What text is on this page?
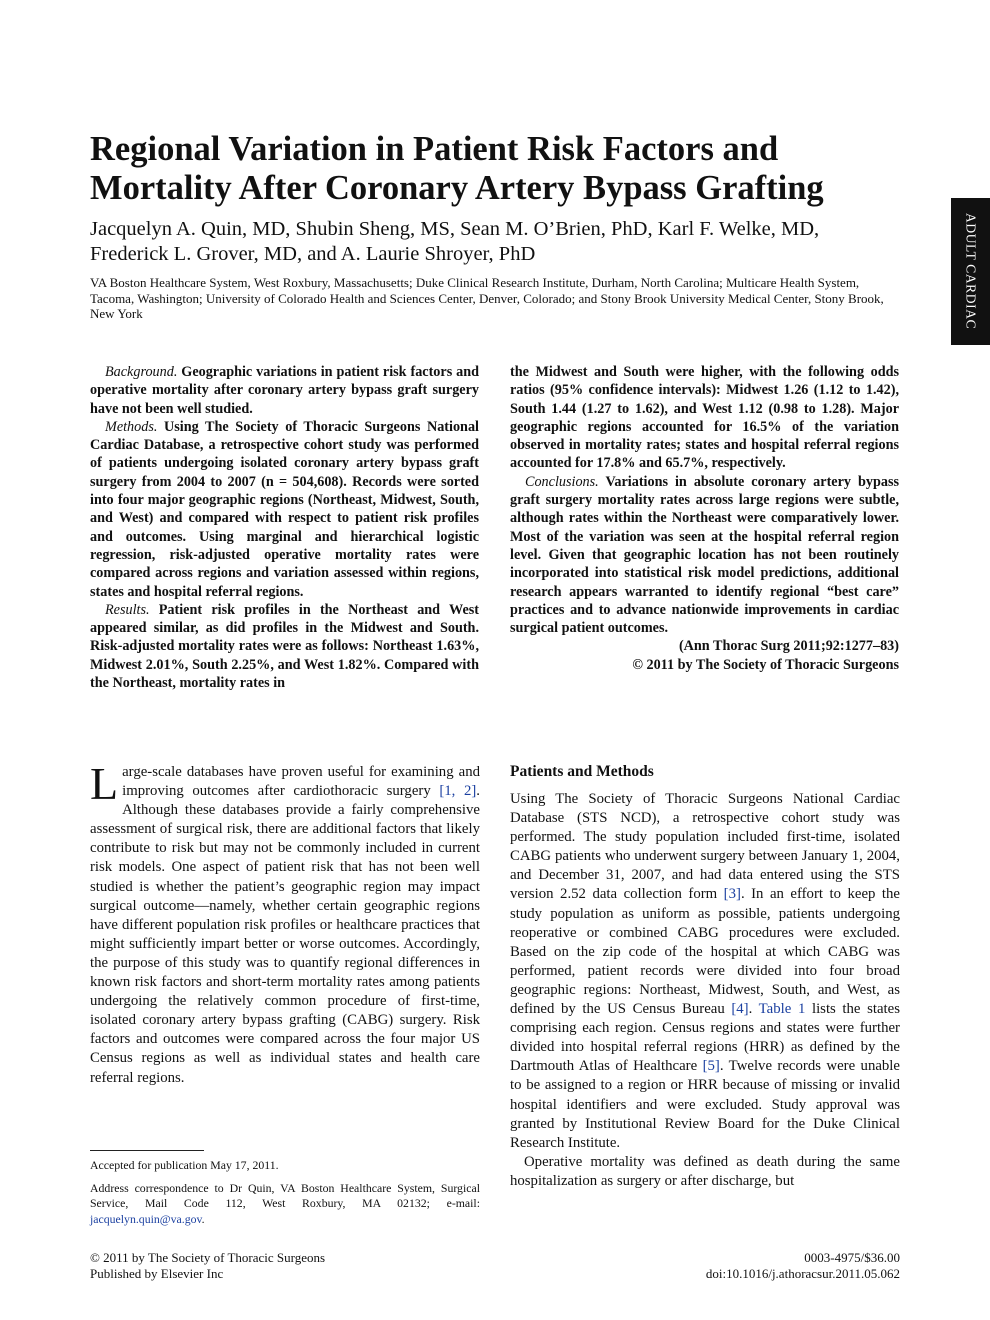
Regional Variation in Patient Risk Factors and Mortality After Coronary Artery Bypass Grafting
Jacquelyn A. Quin, MD, Shubin Sheng, MS, Sean M. O’Brien, PhD, Karl F. Welke, MD,
Frederick L. Grover, MD, and A. Laurie Shroyer, PhD
VA Boston Healthcare System, West Roxbury, Massachusetts; Duke Clinical Research Institute, Durham, North Carolina; Multicare Health System, Tacoma, Washington; University of Colorado Health and Sciences Center, Denver, Colorado; and Stony Brook University Medical Center, Stony Brook, New York	ADULT CARDIAC

Background. Geographic variations in patient risk factors and operative mortality after coronary artery bypass graft surgery have not been well studied.

Methods. Using The Society of Thoracic Surgeons National Cardiac Database, a retrospective cohort study was performed of patients undergoing isolated coronary artery bypass graft surgery from 2004 to 2007 (n = 504,608). Records were sorted into four major geographic regions (Northeast, Midwest, South, and West) and compared with respect to patient risk profiles and outcomes. Using marginal and hierarchical logistic regression, risk-adjusted operative mortality rates were compared across regions and variation assessed within regions, states and hospital referral regions.

Results. Patient risk profiles in the Northeast and West appeared similar, as did profiles in the Midwest and South. Risk-adjusted mortality rates were as follows: Northeast 1.63%, Midwest 2.01%, South 2.25%, and West 1.82%. Compared with the Northeast, mortality rates in

the Midwest and South were higher, with the following odds ratios (95% confidence intervals): Midwest 1.26 (1.12 to 1.42), South 1.44 (1.27 to 1.62), and West 1.12 (0.98 to 1.28). Major geographic regions accounted for 16.5% of the variation observed in mortality rates; states and hospital referral regions accounted for 17.8% and 65.7%, respectively.

Conclusions. Variations in absolute coronary artery bypass graft surgery mortality rates across large regions were subtle, although rates within the Northeast were comparatively lower. Most of the variation was seen at the hospital referral region level. Given that geographic location has not been routinely incorporated into statistical risk model predictions, additional research appears warranted to identify regional “best care” practices and to advance nationwide improvements in cardiac surgical patient outcomes.

(Ann Thorac Surg 2011;92:1277–83)

© 2011 by The Society of Thoracic Surgeons

Large-scale databases have proven useful for examining and improving outcomes after cardiothoracic surgery [1, 2]. Although these databases provide a fairly comprehensive assessment of surgical risk, there are additional factors that likely contribute to risk but may not be commonly included in current risk models. One aspect of patient risk that has not been well studied is whether the patient’s geographic region may impact surgical outcome—namely, whether certain geographic regions have different population risk profiles or healthcare practices that might sufficiently impart better or worse outcomes. Accordingly, the purpose of this study was to quantify regional differences in known risk factors and short-term mortality rates among patients undergoing the relatively common procedure of first-time, isolated coronary artery bypass grafting (CABG) surgery. Risk factors and outcomes were compared across the four major US Census regions as well as individual states and health care referral regions.

Patients and Methods

Using The Society of Thoracic Surgeons National Cardiac Database (STS NCD), a retrospective cohort study was performed. The study population included first-time, isolated CABG patients who underwent surgery between January 1, 2004, and December 31, 2007, and had data entered using the STS version 2.52 data collection form [3]. In an effort to keep the study population as uniform as possible, patients undergoing reoperative or combined CABG procedures were excluded. Based on the zip code of the hospital at which CABG was performed, patient records were divided into four broad geographic regions: Northeast, Midwest, South, and West, as defined by the US Census Bureau [4]. Table 1 lists the states comprising each region. Census regions and states were further divided into hospital referral regions (HRR) as defined by the Dartmouth Atlas of Healthcare [5]. Twelve records were unable to be assigned to a region or HRR because of missing or invalid hospital identifiers and were excluded. Study approval was granted by Institutional Review Board for the Duke Clinical Research Institute.

Operative mortality was defined as death during the same hospitalization as surgery or after discharge, but

Accepted for publication May 17, 2011.
Address correspondence to Dr Quin, VA Boston Healthcare System, Surgical Service, Mail Code 112, West Roxbury, MA 02132; e-mail: jacquelyn.quin@va.gov.
© 2011 by The Society of Thoracic Surgeons
Published by Elsevier Inc
0003-4975/$36.00
doi:10.1016/j.athoracsur.2011.05.062
